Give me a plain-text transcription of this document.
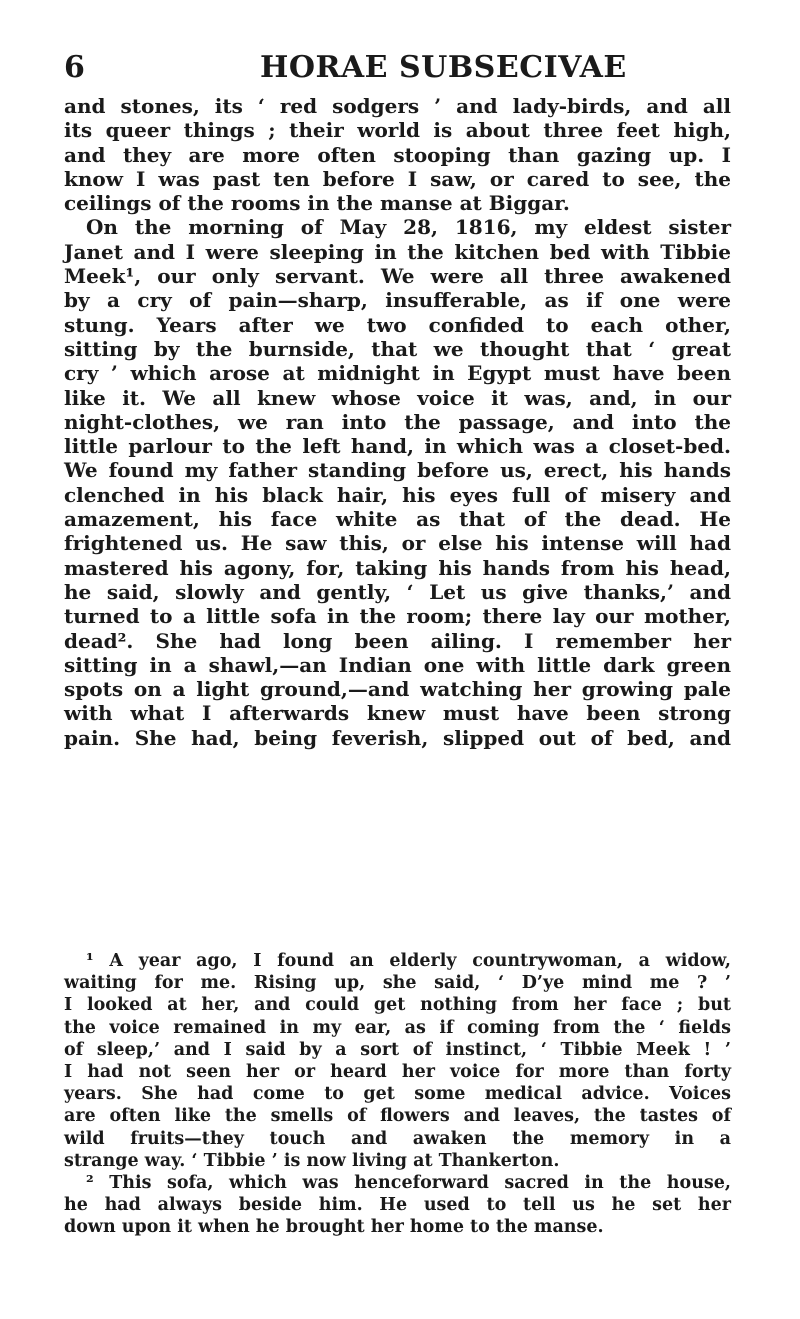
6	HORAE SUBSECIVAE
and stones, its ‘ red sodgers ’ and lady-birds, and all
its queer things ; their world is about three feet high,
and they are more often stooping than gazing up. I
know I was past ten before I saw, or cared to see, the
ceilings of the rooms in the manse at Biggar.
On the morning of May 28, 1816, my eldest sister
Janet and I were sleeping in the kitchen bed with Tibbie
Meek¹, our only servant. We were all three awakened
by a cry of pain—sharp, insufferable, as if one were
stung. Years after we two confided to each other,
sitting by the burnside, that we thought that ‘ great
cry ’ which arose at midnight in Egypt must have been
like it. We all knew whose voice it was, and, in our
night-clothes, we ran into the passage, and into the
little parlour to the left hand, in which was a closet-bed.
We found my father standing before us, erect, his hands
clenched in his black hair, his eyes full of misery and
amazement, his face white as that of the dead. He
frightened us. He saw this, or else his intense will had
mastered his agony, for, taking his hands from his head,
he said, slowly and gently, ‘ Let us give thanks,’ and
turned to a little sofa in the room; there lay our mother,
dead². She had long been ailing. I remember her
sitting in a shawl,—an Indian one with little dark green
spots on a light ground,—and watching her growing pale
with what I afterwards knew must have been strong
pain. She had, being feverish, slipped out of bed, and
¹ A year ago, I found an elderly countrywoman, a widow,
waiting for me. Rising up, she said, ‘ D’ye mind me ? ’
I looked at her, and could get nothing from her face ; but
the voice remained in my ear, as if coming from the ‘ fields
of sleep,’ and I said by a sort of instinct, ‘ Tibbie Meek ! ’
I had not seen her or heard her voice for more than forty
years. She had come to get some medical advice. Voices
are often like the smells of flowers and leaves, the tastes of
wild fruits—they touch and awaken the memory in a
strange way. ‘ Tibbie ’ is now living at Thankerton.
² This sofa, which was henceforward sacred in the house,
he had always beside him. He used to tell us he set her
down upon it when he brought her home to the manse.
